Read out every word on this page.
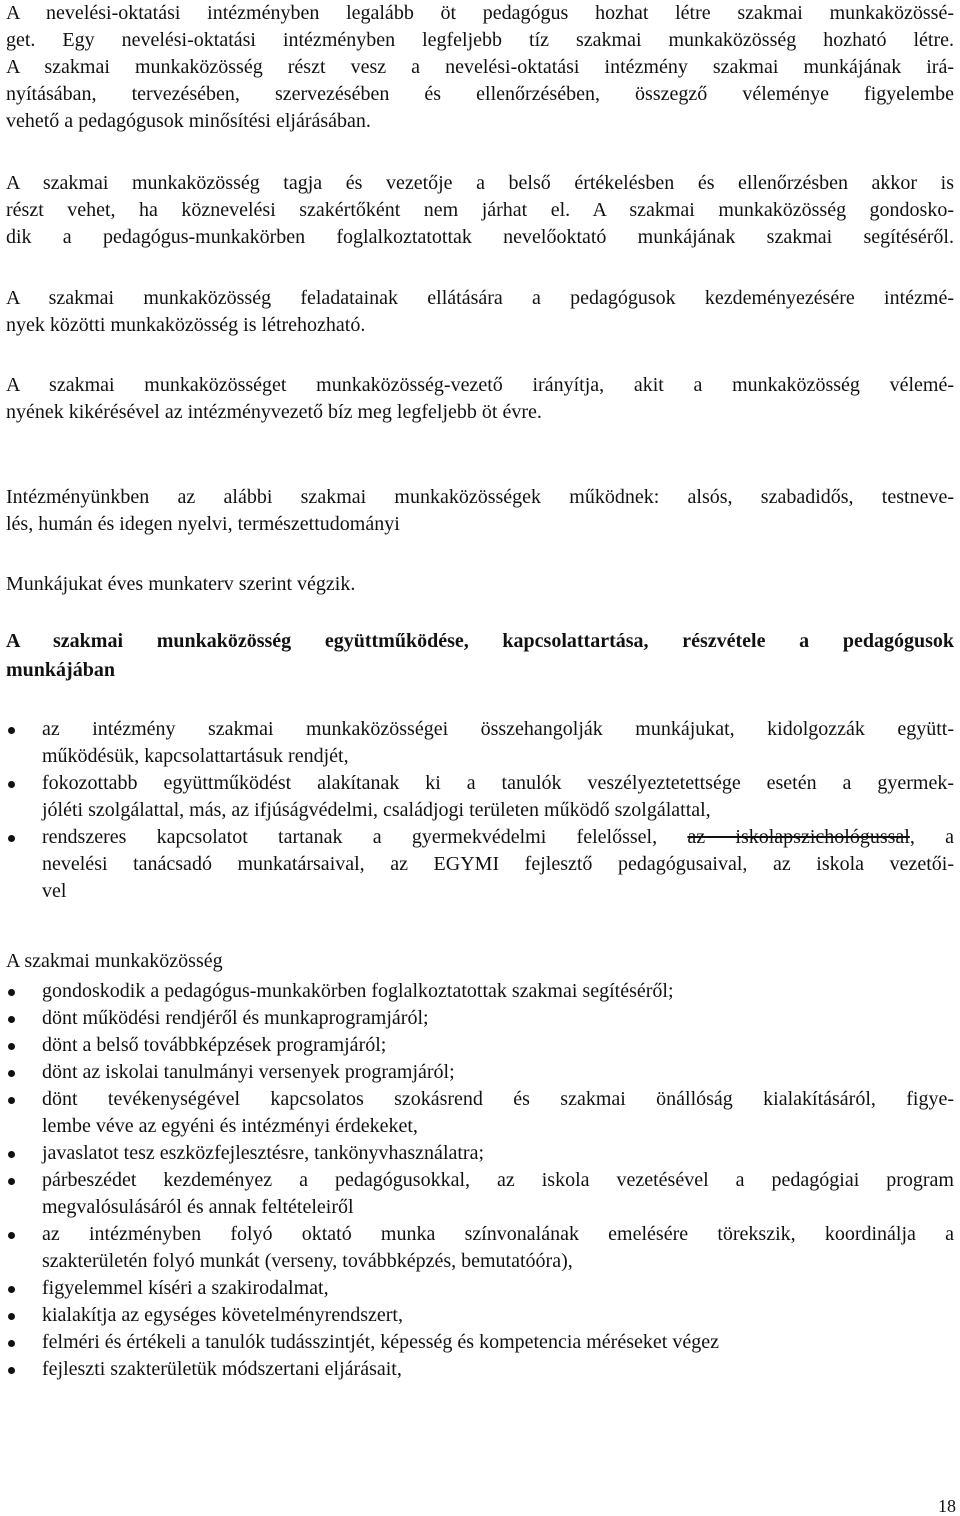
A nevelési-oktatási intézményben legalább öt pedagógus hozhat létre szakmai munkaközössé-
get. Egy nevelési-oktatási intézményben legfeljebb tíz szakmai munkaközösség hozható létre.
A szakmai munkaközösség részt vesz a nevelési-oktatási intézmény szakmai munkájának irá-
nyításában, tervezésében, szervezésében és ellenőrzésében, összegző véleménye figyelembe
vehető a pedagógusok minősítési eljárásában.
A szakmai munkaközösség tagja és vezetője a belső értékelésben és ellenőrzésben akkor is
részt vehet, ha köznevelési szakértőként nem járhat el. A szakmai munkaközösség gondosko-
dik a pedagógus-munkakörben foglalkoztatottak nevelőoktató munkájának szakmai segítéséről.
A szakmai munkaközösség feladatainak ellátására a pedagógusok kezdeményezésére intézmé-
nyek közötti munkaközösség is létrehozható.
A szakmai munkaközösséget munkaközösség-vezető irányítja, akit a munkaközösség vélemé-
nyének kikérésével az intézményvezető bíz meg legfeljebb öt évre.
Intézményünkben az alábbi szakmai munkaközösségek működnek: alsós, szabadidős, testneve-
lés, humán és idegen nyelvi, természettudományi
Munkájukat éves munkaterv szerint végzik.
A szakmai munkaközösség együttműködése, kapcsolattartása, részvétele a pedagógusok
munkájában
az intézmény szakmai munkaközösségei összehangolják munkájukat, kidolgozzák együtt-
működésük, kapcsolattartásuk rendjét,
fokozottabb együttműködést alakítanak ki a tanulók veszélyeztetettsége esetén a gyermek-
jóléti szolgálattal, más, az ifjúságvédelmi, családjogi területen működő szolgálattal,
rendszeres kapcsolatot tartanak a gyermekvédelmi felelőssel, az iskolapszichológussal, a
nevelési tanácsadó munkatársaival, az EGYMI fejlesztő pedagógusaival, az iskola vezetői-
vel
A szakmai munkaközösség
gondoskodik a pedagógus-munkakörben foglalkoztatottak szakmai segítéséről;
dönt működési rendjéről és munkaprogramjáról;
dönt a belső továbbképzések programjáról;
dönt az iskolai tanulmányi versenyek programjáról;
dönt tevékenységével kapcsolatos szokásrend és szakmai önállóság kialakításáról, figye-
lembe véve az egyéni és intézményi érdekeket,
javaslatot tesz eszközfejlesztésre, tankönyvhasználatra;
párbeszédet kezdeményez a pedagógusokkal, az iskola vezetésével a pedagógiai program
megvalósulásáról és annak feltételeiről
az intézményben folyó oktató munka színvonalának emelésére törekszik, koordinálja a
szakterületén folyó munkát (verseny, továbbképzés, bemutatóóra),
figyelemmel kíséri a szakirodalmat,
kialakítja az egységes követelményrendszert,
felméri és értékeli a tanulók tudásszintjét, képesség és kompetencia méréseket végez
fejleszti szakterületük módszertani eljárásait,
18
